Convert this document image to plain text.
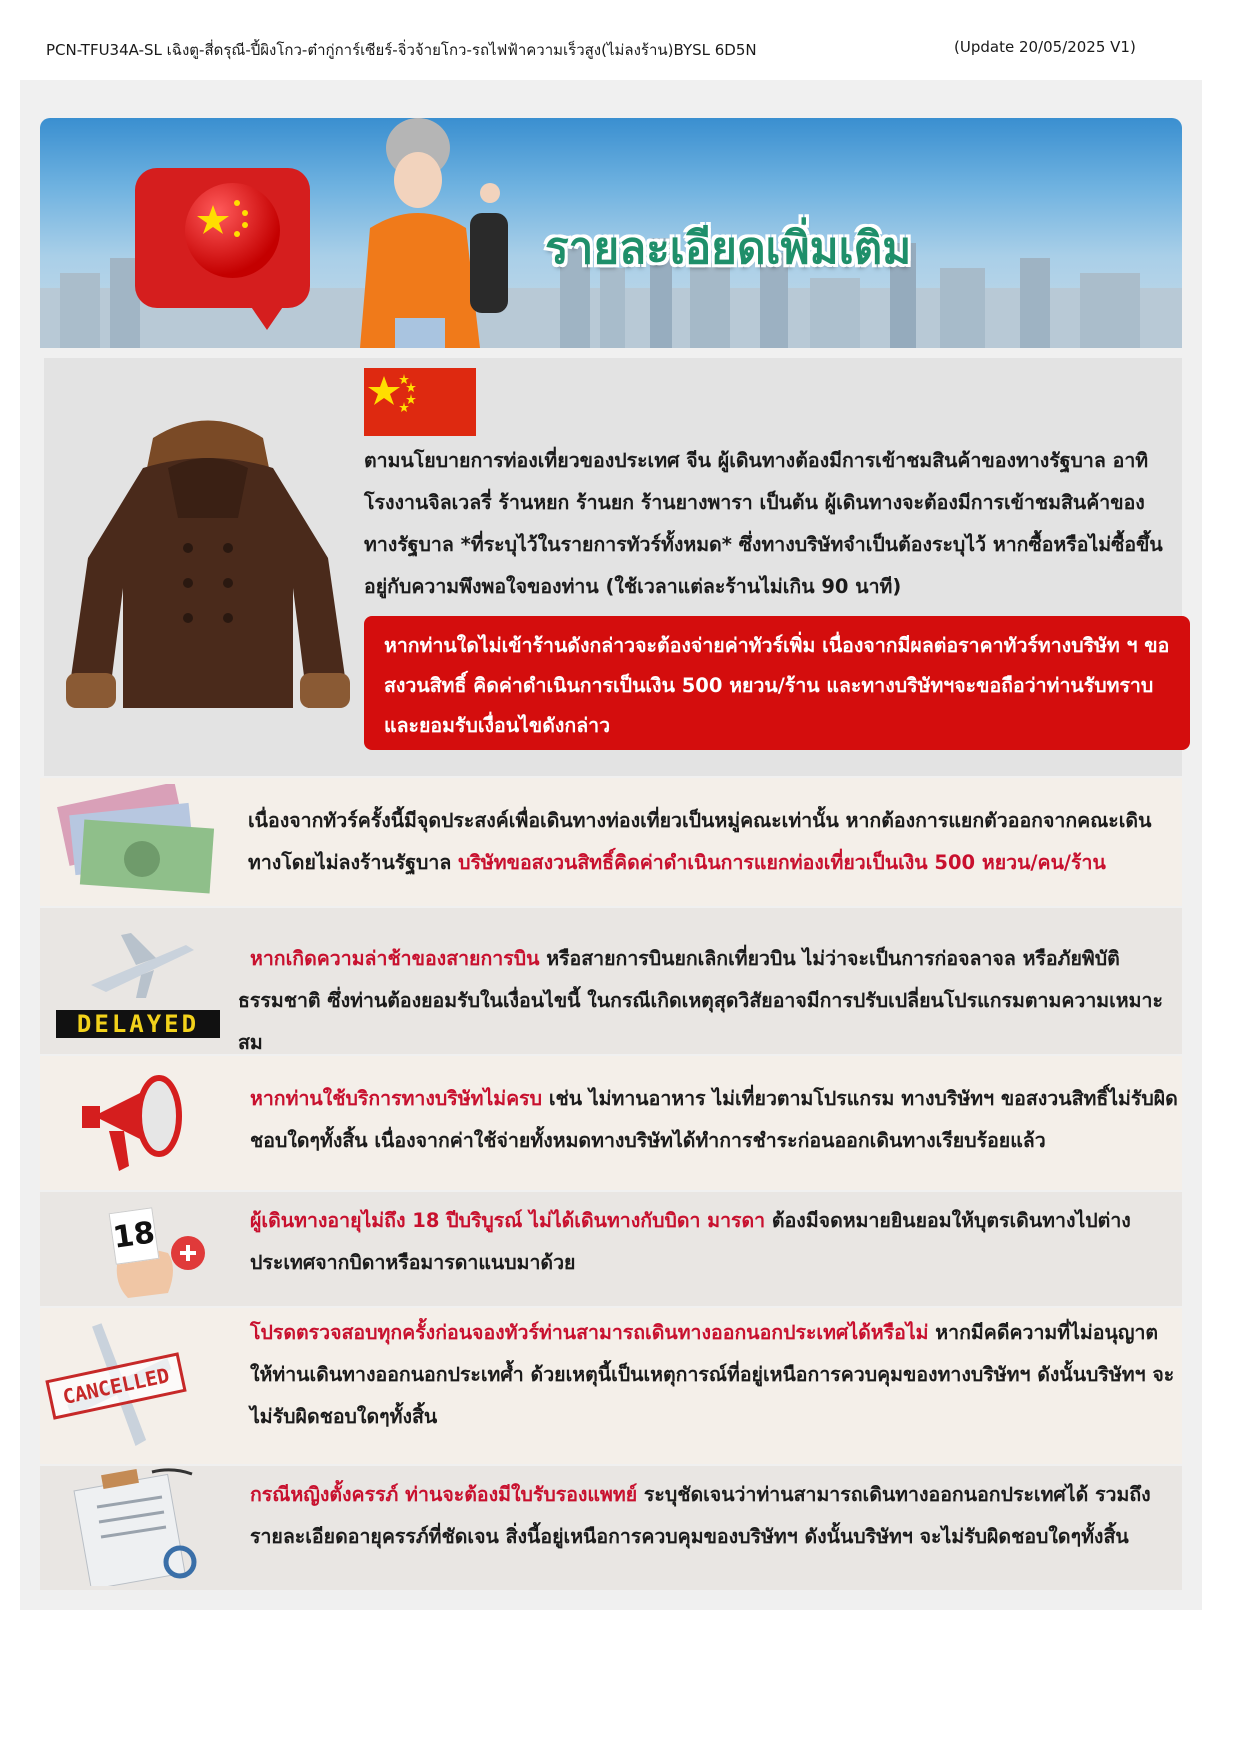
PCN-TFU34A-SL เฉิงตู-สี่ดรุณี-ปี้ผิงโกว-ต๋ากู่การ์เซียร์-จิ่วจ้ายโกว-รถไฟฟ้าความเร็วสูง(ไม่ลงร้าน)BYSL 6D5N	(Update 20/05/2025 V1)
รายละเอียดเพิ่มเติม
ตามนโยบายการท่องเที่ยวของประเทศ จีน ผู้เดินทางต้องมีการเข้าชมสินค้าของทางรัฐบาล อาทิโรงงานจิลเวลรี่ ร้านหยก ร้านยก ร้านยางพารา เป็นต้น ผู้เดินทางจะต้องมีการเข้าชมสินค้าของทางรัฐบาล *ที่ระบุไว้ในรายการทัวร์ทั้งหมด* ซึ่งทางบริษัทจำเป็นต้องระบุไว้ หากซื้อหรือไม่ซื้อขึ้นอยู่กับความพึงพอใจของท่าน (ใช้เวลาแต่ละร้านไม่เกิน 90 นาที)
หากท่านใดไม่เข้าร้านดังกล่าวจะต้องจ่ายค่าทัวร์เพิ่ม เนื่องจากมีผลต่อราคาทัวร์ทางบริษัท ฯ ขอสงวนสิทธิ์ คิดค่าดำเนินการเป็นเงิน 500 หยวน/ร้าน และทางบริษัทฯจะขอถือว่าท่านรับทราบและยอมรับเงื่อนไขดังกล่าว
เนื่องจากทัวร์ครั้งนี้มีจุดประสงค์เพื่อเดินทางท่องเที่ยวเป็นหมู่คณะเท่านั้น หากต้องการแยกตัวออกจากคณะเดินทางโดยไม่ลงร้านรัฐบาล บริษัทขอสงวนสิทธิ์คิดค่าดำเนินการแยกท่องเที่ยวเป็นเงิน 500 หยวน/คน/ร้าน
DELAYED
หากเกิดความล่าช้าของสายการบิน หรือสายการบินยกเลิกเที่ยวบิน ไม่ว่าจะเป็นการก่อจลาจล หรือภัยพิบัติธรรมชาติ ซึ่งท่านต้องยอมรับในเงื่อนไขนี้ ในกรณีเกิดเหตุสุดวิสัยอาจมีการปรับเปลี่ยนโปรแกรมตามความเหมาะสม
หากท่านใช้บริการทางบริษัทไม่ครบ เช่น ไม่ทานอาหาร ไม่เที่ยวตามโปรแกรม ทางบริษัทฯ ขอสงวนสิทธิ์ไม่รับผิดชอบใดๆทั้งสิ้น เนื่องจากค่าใช้จ่ายทั้งหมดทางบริษัทได้ทำการชำระก่อนออกเดินทางเรียบร้อยแล้ว
18	ผู้เดินทางอายุไม่ถึง 18 ปีบริบูรณ์ ไม่ได้เดินทางกับบิดา มารดา ต้องมีจดหมายยินยอมให้บุตรเดินทางไปต่างประเทศจากบิดาหรือมารดาแนบมาด้วย
CANCELLED
โปรดตรวจสอบทุกครั้งก่อนจองทัวร์ท่านสามารถเดินทางออกนอกประเทศได้หรือไม่ หากมีคดีความที่ไม่อนุญาตให้ท่านเดินทางออกนอกประเทศ้ำ ด้วยเหตุนี้เป็นเหตุการณ์ที่อยู่เหนือการควบคุมของทางบริษัทฯ ดังนั้นบริษัทฯ จะไม่รับผิดชอบใดๆทั้งสิ้น
กรณีหญิงตั้งครรภ์ ท่านจะต้องมีใบรับรองแพทย์ ระบุชัดเจนว่าท่านสามารถเดินทางออกนอกประเทศได้ รวมถึงรายละเอียดอายุครรภ์ที่ชัดเจน สิ่งนี้อยู่เหนือการควบคุมของบริษัทฯ ดังนั้นบริษัทฯ จะไม่รับผิดชอบใดๆทั้งสิ้น
